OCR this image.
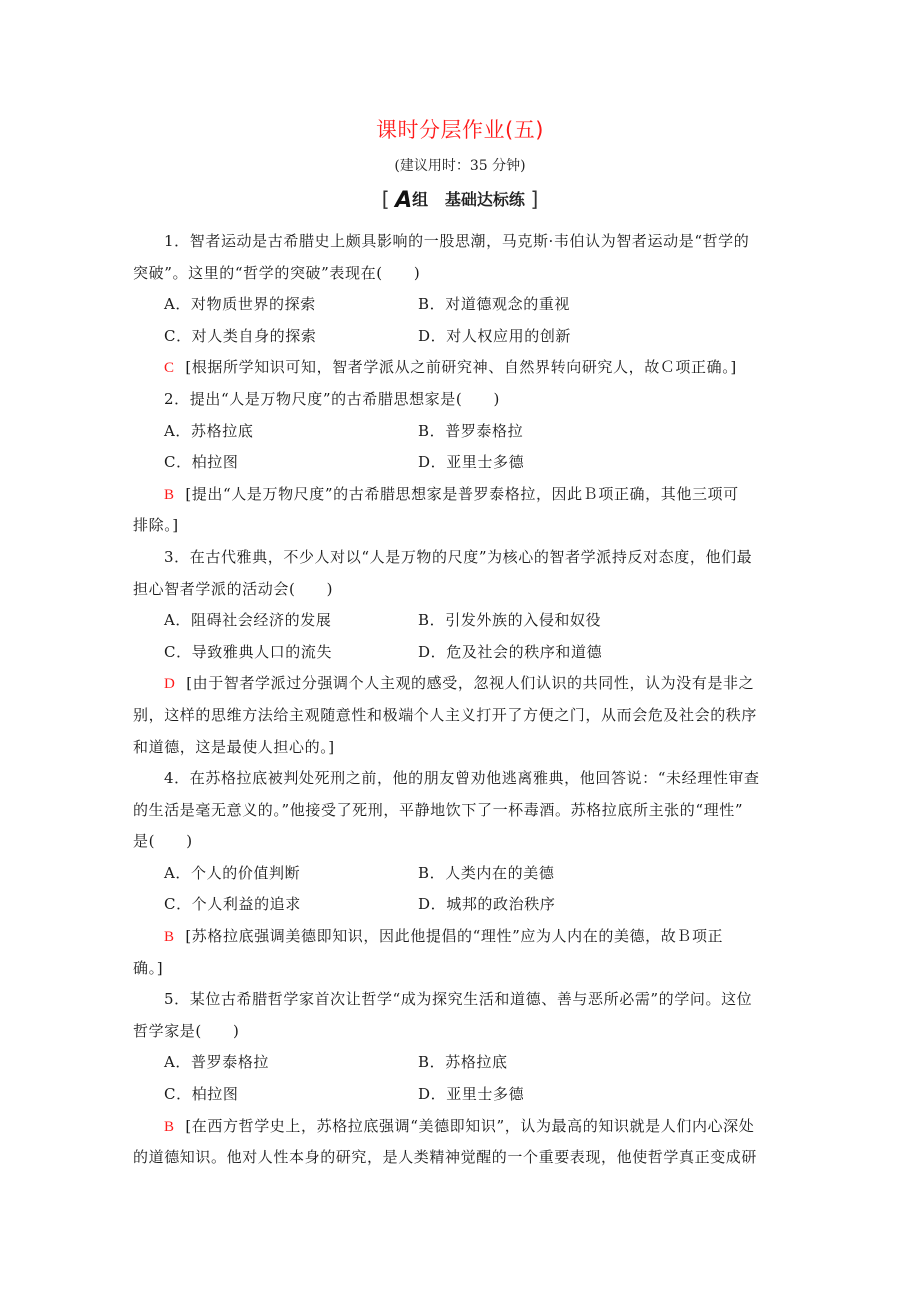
课时分层作业(五)
(建议用时：35 分钟)
[ A组 基础达标练 ]
1．智者运动是古希腊史上颇具影响的一股思潮，马克斯·韦伯认为智者运动是“哲学的
突破”。这里的“哲学的突破”表现在(　　)
A．对物质世界的探索	B．对道德观念的重视
C．对人类自身的探索	D．对人权应用的创新
C [根据所学知识可知，智者学派从之前研究神、自然界转向研究人，故Ｃ项正确。]
2．提出“人是万物尺度”的古希腊思想家是(　　)
A．苏格拉底	B．普罗泰格拉
C．柏拉图	D．亚里士多德
B [提出“人是万物尺度”的古希腊思想家是普罗泰格拉，因此Ｂ项正确，其他三项可
排除。]
3．在古代雅典，不少人对以“人是万物的尺度”为核心的智者学派持反对态度，他们最
担心智者学派的活动会(　　)
A．阻碍社会经济的发展	B．引发外族的入侵和奴役
C．导致雅典人口的流失	D．危及社会的秩序和道德
D [由于智者学派过分强调个人主观的感受，忽视人们认识的共同性，认为没有是非之
别，这样的思维方法给主观随意性和极端个人主义打开了方便之门，从而会危及社会的秩序
和道德，这是最使人担心的。]
4．在苏格拉底被判处死刑之前，他的朋友曾劝他逃离雅典，他回答说：“未经理性审查
的生活是毫无意义的。”他接受了死刑，平静地饮下了一杯毒酒。苏格拉底所主张的“理性”
是(　　)
A．个人的价值判断	B．人类内在的美德
C．个人利益的追求	D．城邦的政治秩序
B [苏格拉底强调美德即知识，因此他提倡的“理性”应为人内在的美德，故Ｂ项正
确。]
5．某位古希腊哲学家首次让哲学“成为探究生活和道德、善与恶所必需”的学问。这位
哲学家是(　　)
A．普罗泰格拉	B．苏格拉底
C．柏拉图	D．亚里士多德
B [在西方哲学史上，苏格拉底强调“美德即知识”，认为最高的知识就是人们内心深处
的道德知识。他对人性本身的研究，是人类精神觉醒的一个重要表现，他使哲学真正变成研
